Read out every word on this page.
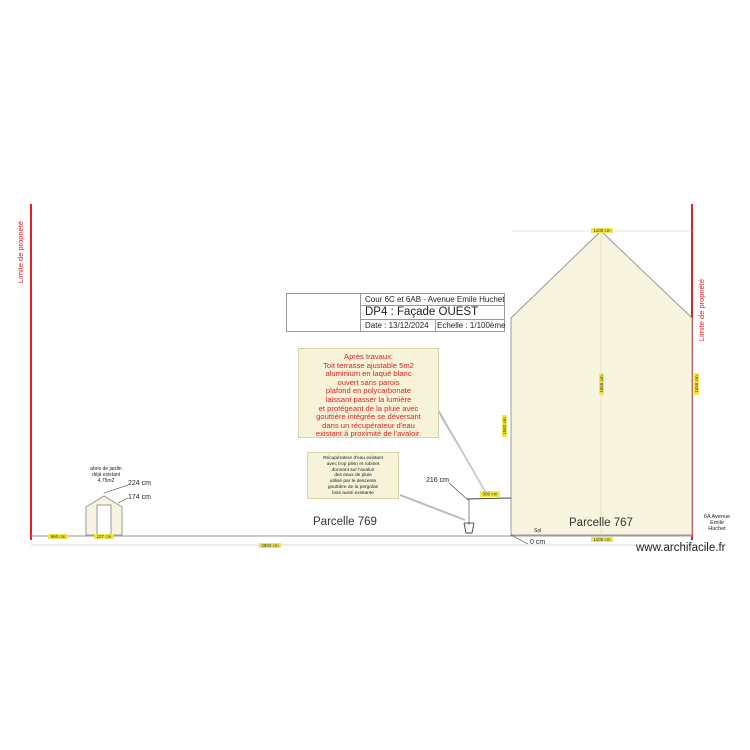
960 cm	227 cm
2903 cm
1100 cm
1100 cm
300 cm
1063 cm
1656 cm	1656 cm
Limite de propriété
Limite de propriété
Cour 6C et 6AB - Avenue Emile Huchet
DP4 : Façade OUEST
Date : 13/12/2024	Echelle : 1/100ème
Après travaux:
Toit terrasse ajustable 5m2
aluminium en laqué blanc
ouvert sans parois
plafond en polycarbonate
laissant passer la lumière
et protégeant de la pluie avec
gouttière intégrée se déversant
dans un récupérateur d'eau
existant à proximité de l'avaloir.
Récupérateur d'eau existant
avec trop plein et robinet
donnant sur l'avaloir
des eaux de pluie
utilisé par le descente
gouttière de la pergolas
bois aussi existante
abris de jardin
déjà existant
4.75m2	224 cm
174 cm
216 cm
0 cm
Parcelle 769	Parcelle 767
Sol
6A Avenue
Emile
Huchet
www.archifacile.fr
